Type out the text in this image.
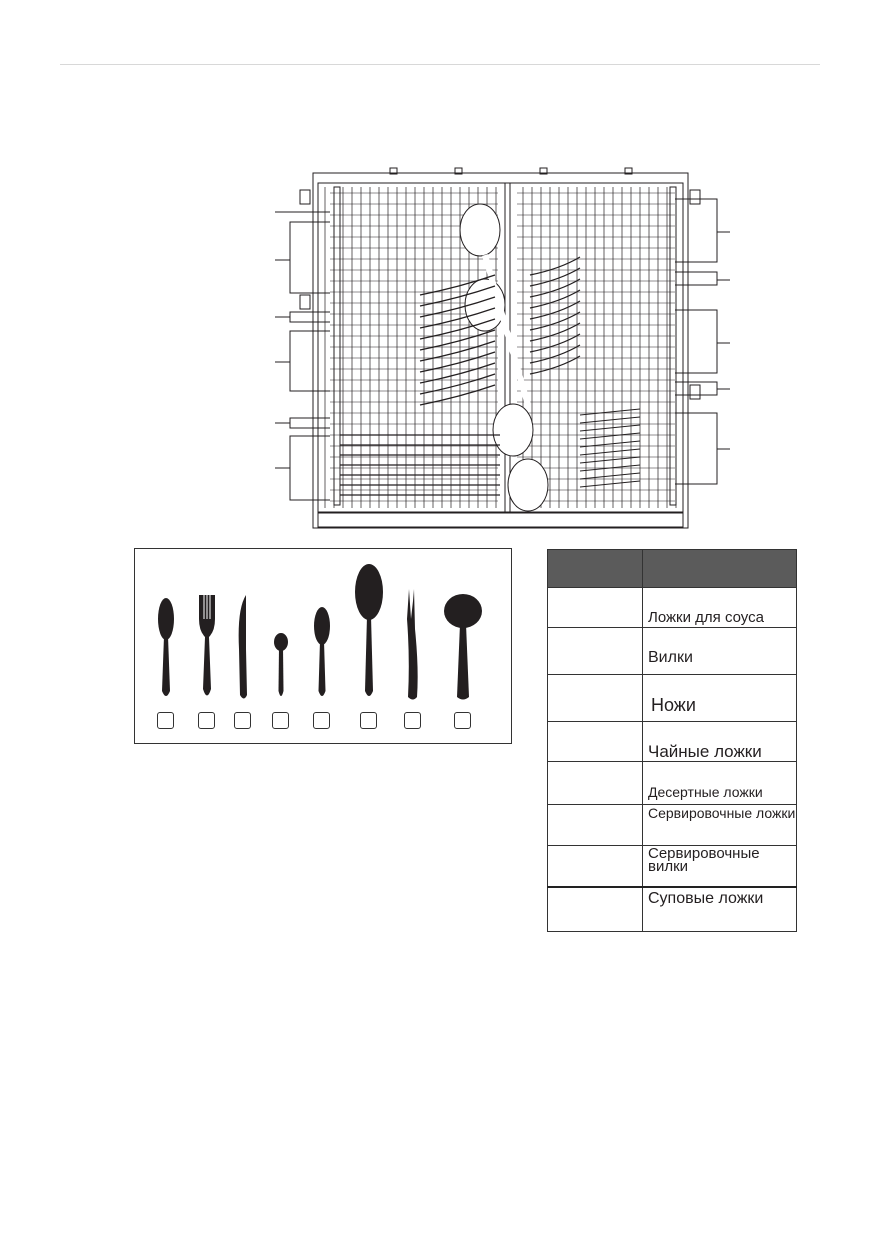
	Ложки для соуса
	Вилки
	Ножи
	Чайные ложки
	Десертные ложки
	Сервировочные ложки
	Сервировочные вилки
	Суповые ложки
